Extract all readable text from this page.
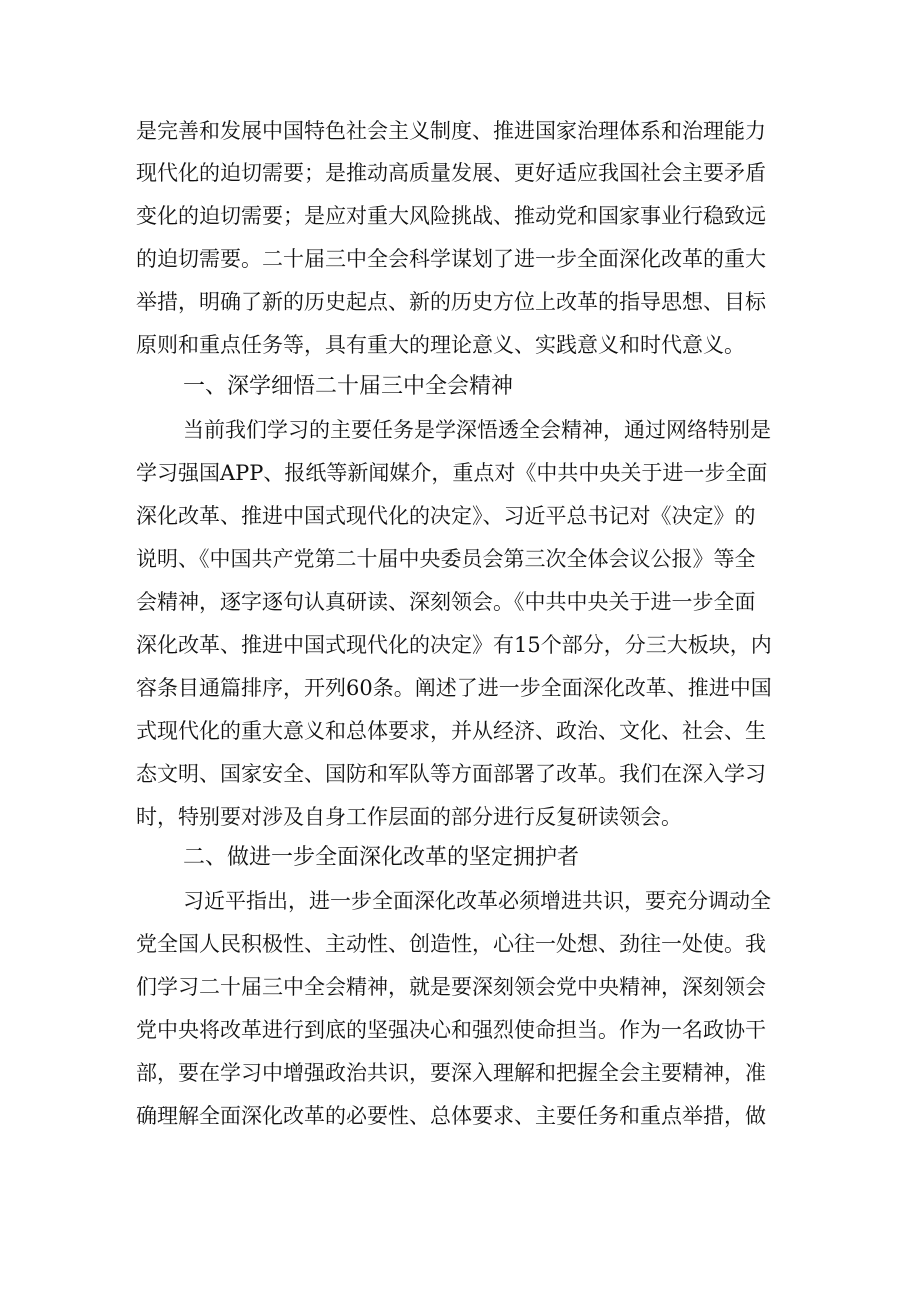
是完善和发展中国特色社会主义制度、推进国家治理体系和治理能力

现代化的迫切需要；是推动高质量发展、更好适应我国社会主要矛盾

变化的迫切需要；是应对重大风险挑战、推动党和国家事业行稳致远

的迫切需要。二十届三中全会科学谋划了进一步全面深化改革的重大

举措，明确了新的历史起点、新的历史方位上改革的指导思想、目标

原则和重点任务等，具有重大的理论意义、实践意义和时代意义。

一、深学细悟二十届三中全会精神

当前我们学习的主要任务是学深悟透全会精神，通过网络特别是

学习强国APP、报纸等新闻媒介，重点对《中共中央关于进一步全面

深化改革、推进中国式现代化的决定》、习近平总书记对《决定》的

说明、《中国共产党第二十届中央委员会第三次全体会议公报》等全

会精神，逐字逐句认真研读、深刻领会。《中共中央关于进一步全面

深化改革、推进中国式现代化的决定》有15个部分，分三大板块，内

容条目通篇排序，开列60条。阐述了进一步全面深化改革、推进中国

式现代化的重大意义和总体要求，并从经济、政治、文化、社会、生

态文明、国家安全、国防和军队等方面部署了改革。我们在深入学习

时，特别要对涉及自身工作层面的部分进行反复研读领会。

二、做进一步全面深化改革的坚定拥护者

习近平指出，进一步全面深化改革必须增进共识，要充分调动全

党全国人民积极性、主动性、创造性，心往一处想、劲往一处使。我

们学习二十届三中全会精神，就是要深刻领会党中央精神，深刻领会

党中央将改革进行到底的坚强决心和强烈使命担当。作为一名政协干

部，要在学习中增强政治共识，要深入理解和把握全会主要精神，准

确理解全面深化改革的必要性、总体要求、主要任务和重点举措，做
